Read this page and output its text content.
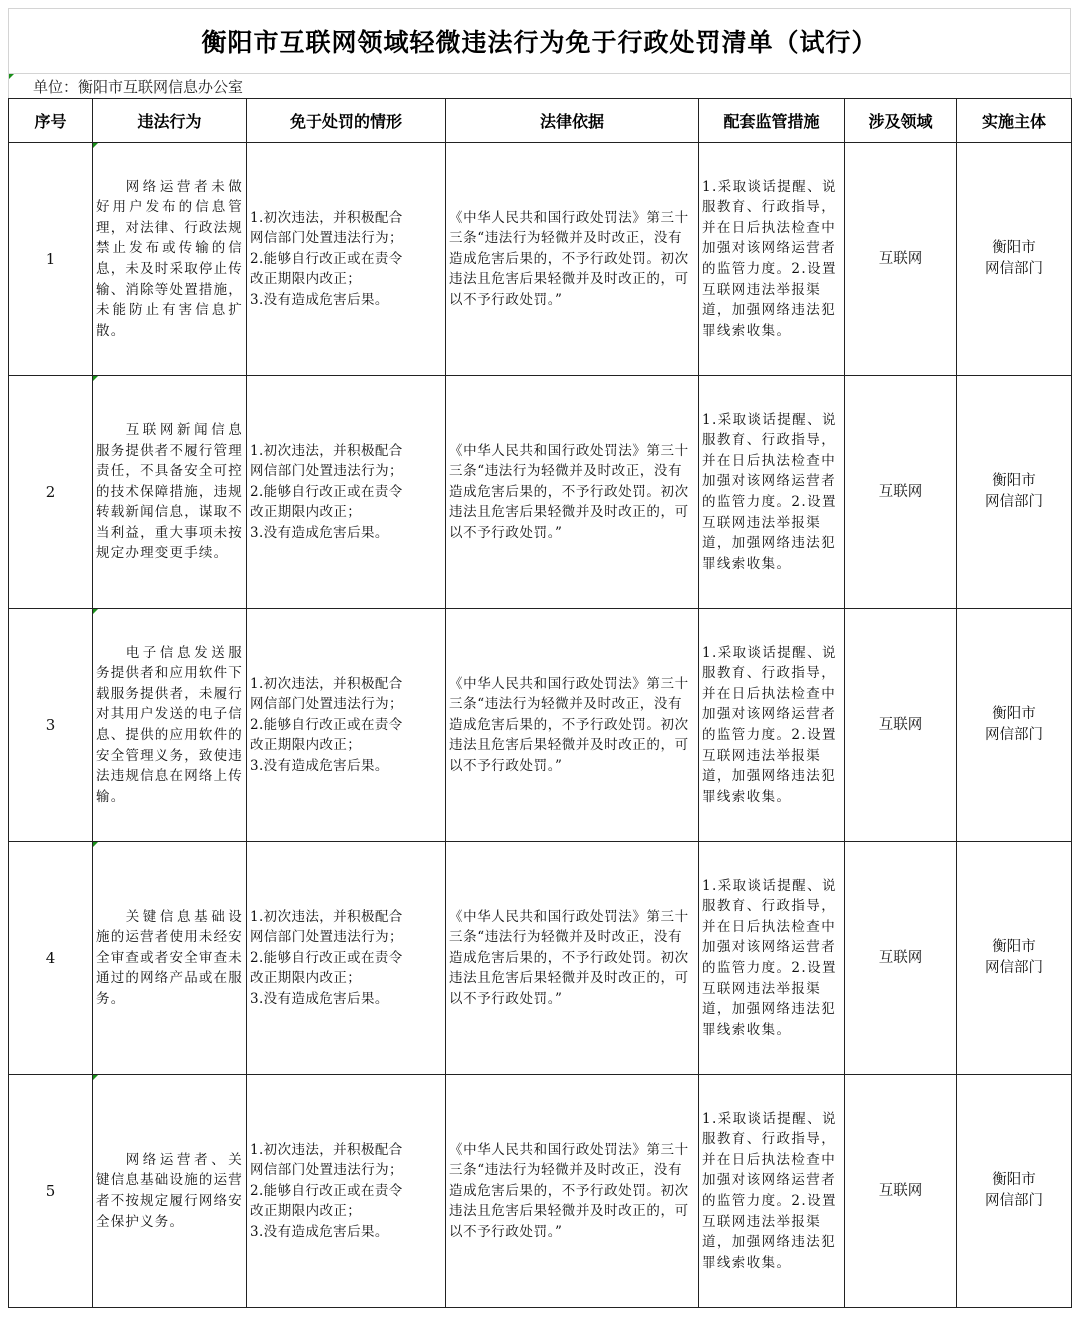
衡阳市互联网领域轻微违法行为免于行政处罚清单（试行）
单位：衡阳市互联网信息办公室
序号	违法行为	免于处罚的情形	法律依据	配套监管措施	涉及领域	实施主体
1	网络运营者未做好用户发布的信息管理，对法律、行政法规禁止发布或传输的信息，未及时采取停止传输、消除等处置措施，未能防止有害信息扩散。	1.初次违法，并积极配合
网信部门处置违法行为；
2.能够自行改正或在责令
改正期限内改正；
3.没有造成危害后果。	《中华人民共和国行政处罚法》第三十三条“违法行为轻微并及时改正，没有造成危害后果的，不予行政处罚。初次违法且危害后果轻微并及时改正的，可以不予行政处罚。”	1.采取谈话提醒、说服教育、行政指导，并在日后执法检查中加强对该网络运营者的监管力度。2.设置互联网违法举报渠道，加强网络违法犯罪线索收集。	互联网	衡阳市
网信部门

2	互联网新闻信息服务提供者不履行管理责任，不具备安全可控的技术保障措施，违规转载新闻信息，谋取不当利益，重大事项未按规定办理变更手续。	1.初次违法，并积极配合
网信部门处置违法行为；
2.能够自行改正或在责令
改正期限内改正；
3.没有造成危害后果。	《中华人民共和国行政处罚法》第三十三条“违法行为轻微并及时改正，没有造成危害后果的，不予行政处罚。初次违法且危害后果轻微并及时改正的，可以不予行政处罚。”	1.采取谈话提醒、说服教育、行政指导，并在日后执法检查中加强对该网络运营者的监管力度。2.设置互联网违法举报渠道，加强网络违法犯罪线索收集。	互联网	衡阳市
网信部门

3	电子信息发送服务提供者和应用软件下载服务提供者，未履行对其用户发送的电子信息、提供的应用软件的安全管理义务，致使违法违规信息在网络上传输。	1.初次违法，并积极配合
网信部门处置违法行为；
2.能够自行改正或在责令
改正期限内改正；
3.没有造成危害后果。	《中华人民共和国行政处罚法》第三十三条“违法行为轻微并及时改正，没有造成危害后果的，不予行政处罚。初次违法且危害后果轻微并及时改正的，可以不予行政处罚。”	1.采取谈话提醒、说服教育、行政指导，并在日后执法检查中加强对该网络运营者的监管力度。2.设置互联网违法举报渠道，加强网络违法犯罪线索收集。	互联网	衡阳市
网信部门

4	关键信息基础设施的运营者使用未经安全审查或者安全审查未通过的网络产品或在服务。	1.初次违法，并积极配合
网信部门处置违法行为；
2.能够自行改正或在责令
改正期限内改正；
3.没有造成危害后果。	《中华人民共和国行政处罚法》第三十三条“违法行为轻微并及时改正，没有造成危害后果的，不予行政处罚。初次违法且危害后果轻微并及时改正的，可以不予行政处罚。”	1.采取谈话提醒、说服教育、行政指导，并在日后执法检查中加强对该网络运营者的监管力度。2.设置互联网违法举报渠道，加强网络违法犯罪线索收集。	互联网	衡阳市
网信部门

5	网络运营者、关键信息基础设施的运营者不按规定履行网络安全保护义务。	1.初次违法，并积极配合
网信部门处置违法行为；
2.能够自行改正或在责令
改正期限内改正；
3.没有造成危害后果。	《中华人民共和国行政处罚法》第三十三条“违法行为轻微并及时改正，没有造成危害后果的，不予行政处罚。初次违法且危害后果轻微并及时改正的，可以不予行政处罚。”	1.采取谈话提醒、说服教育、行政指导，并在日后执法检查中加强对该网络运营者的监管力度。2.设置互联网违法举报渠道，加强网络违法犯罪线索收集。	互联网	衡阳市
网信部门
